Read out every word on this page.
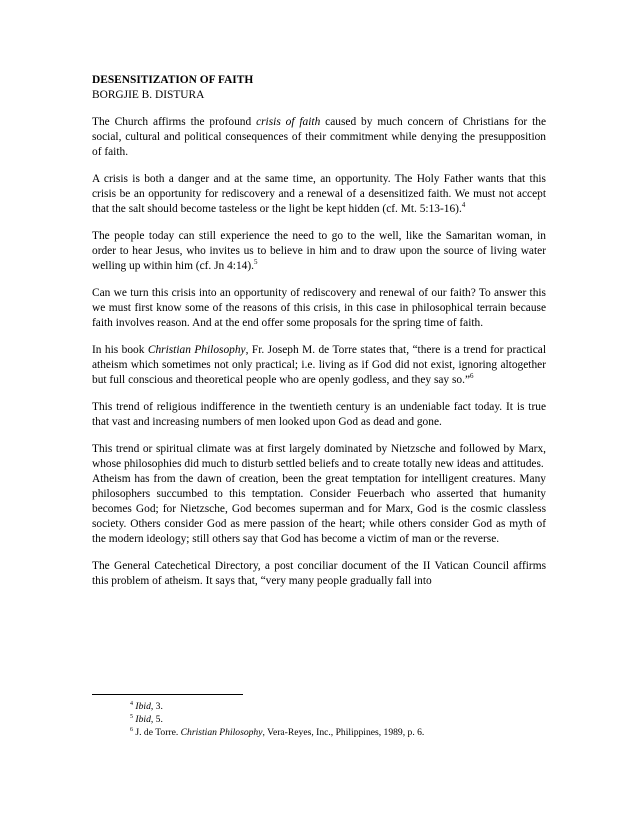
DESENSITIZATION OF FAITH
BORGJIE B. DISTURA

The Church affirms the profound crisis of faith caused by much concern of Christians for the social, cultural and political consequences of their commitment while denying the presupposition of faith.

A crisis is both a danger and at the same time, an opportunity. The Holy Father wants that this crisis be an opportunity for rediscovery and a renewal of a desensitized faith. We must not accept that the salt should become tasteless or the light be kept hidden (cf. Mt. 5:13-16).$^4$

The people today can still experience the need to go to the well, like the Samaritan woman, in order to hear Jesus, who invites us to believe in him and to draw upon the source of living water welling up within him (cf. Jn 4:14).$^5$

Can we turn this crisis into an opportunity of rediscovery and renewal of our faith? To answer this we must first know some of the reasons of this crisis, in this case in philosophical terrain because faith involves reason. And at the end offer some proposals for the spring time of faith.

In his book Christian Philosophy, Fr. Joseph M. de Torre states that, “there is a trend for practical atheism which sometimes not only practical; i.e. living as if God did not exist, ignoring altogether but full conscious and theoretical people who are openly godless, and they say so.”$^6$

This trend of religious indifference in the twentieth century is an undeniable fact today. It is true that vast and increasing numbers of men looked upon God as dead and gone.

This trend or spiritual climate was at first largely dominated by Nietzsche and followed by Marx, whose philosophies did much to disturb settled beliefs and to create totally new ideas and attitudes.

Atheism has from the dawn of creation, been the great temptation for intelligent creatures. Many philosophers succumbed to this temptation. Consider Feuerbach who asserted that humanity becomes God; for Nietzsche, God becomes superman and for Marx, God is the cosmic classless society. Others consider God as mere passion of the heart; while others consider God as myth of the modern ideology; still others say that God has become a victim of man or the reverse.

The General Catechetical Directory, a post conciliar document of the II Vatican Council affirms this problem of atheism. It says that, “very many people gradually fall into

$^4$ Ibid, 3.
$^5$ Ibid, 5.
$^6$ J. de Torre. Christian Philosophy, Vera-Reyes, Inc., Philippines, 1989, p. 6.
